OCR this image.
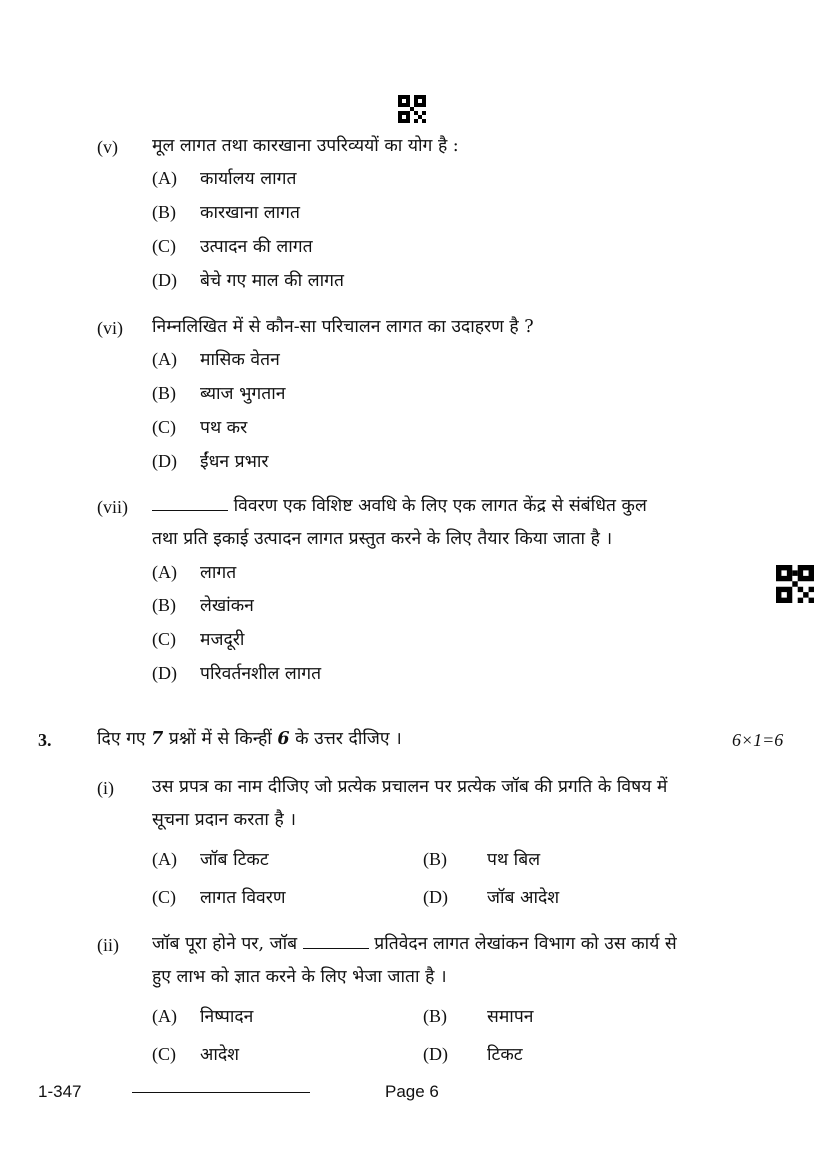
(v) मूल लागत तथा कारखाना उपरिव्ययों का योग है :
(A) कार्यालय लागत
(B) कारखाना लागत
(C) उत्पादन की लागत
(D) बेचे गए माल की लागत
(vi) निम्नलिखित में से कौन-सा परिचालन लागत का उदाहरण है ?
(A) मासिक वेतन
(B) ब्याज भुगतान
(C) पथ कर
(D) ईंधन प्रभार
(vii)	विवरण एक विशिष्ट अवधि के लिए एक लागत केंद्र से संबंधित कुल
तथा प्रति इकाई उत्पादन लागत प्रस्तुत करने के लिए तैयार किया जाता है ।
(A) लागत
(B) लेखांकन
(C) मजदूरी
(D) परिवर्तनशील लागत
3.	दिए गए 7 प्रश्नों में से किन्हीं 6 के उत्तर दीजिए ।	6×1=6
(i) उस प्रपत्र का नाम दीजिए जो प्रत्येक प्रचालन पर प्रत्येक जॉब की प्रगति के विषय में
सूचना प्रदान करता है ।
(A) जॉब टिकट	(B) पथ बिल
(C) लागत विवरण	(D) जॉब आदेश
(ii) जॉब पूरा होने पर, जॉब	प्रतिवेदन लागत लेखांकन विभाग को उस कार्य से
हुए लाभ को ज्ञात करने के लिए भेजा जाता है ।
(A) निष्पादन	(B) समापन
(C) आदेश	(D) टिकट
1-347	Page 6
